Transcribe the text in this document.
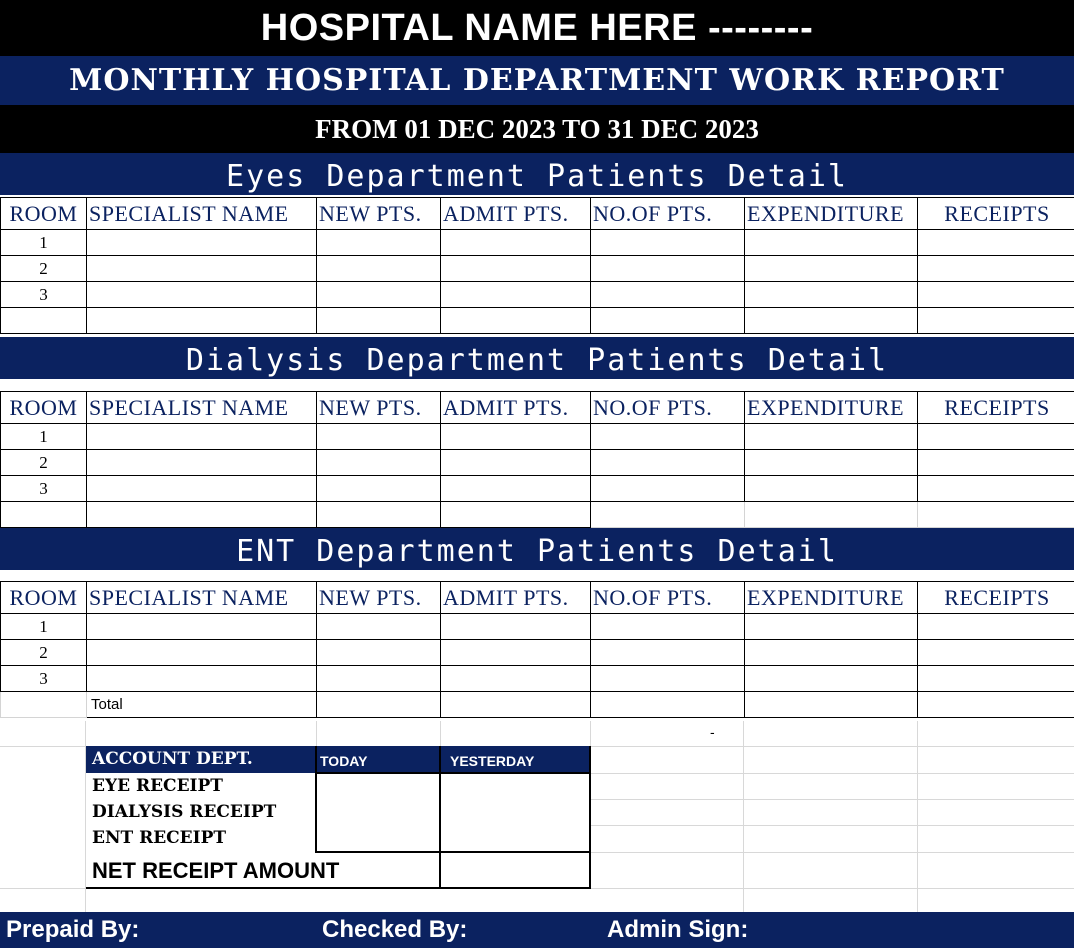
HOSPITAL NAME HERE --------
MONTHLY HOSPITAL DEPARTMENT WORK REPORT
FROM 01 DEC 2023 TO 31 DEC 2023
Eyes Department Patients Detail
ROOM	SPECIALIST NAME	NEW PTS.	ADMIT PTS.	NO.OF PTS.	EXPENDITURE	RECEIPTS
1						
2						
3						

Dialysis Department Patients Detail
ROOM	SPECIALIST NAME	NEW PTS.	ADMIT PTS.	NO.OF PTS.	EXPENDITURE	RECEIPTS
1						
2						
3						

ENT Department Patients Detail
ROOM	SPECIALIST NAME	NEW PTS.	ADMIT PTS.	NO.OF PTS.	EXPENDITURE	RECEIPTS
1						
2						
3						
	Total					
-
ACCOUNT DEPT.	TODAY	YESTERDAY
EYE RECEIPT
DIALYSIS RECEIPT
ENT RECEIPT
NET RECEIPT AMOUNT
Prepaid By:	Checked By:	Admin Sign:
